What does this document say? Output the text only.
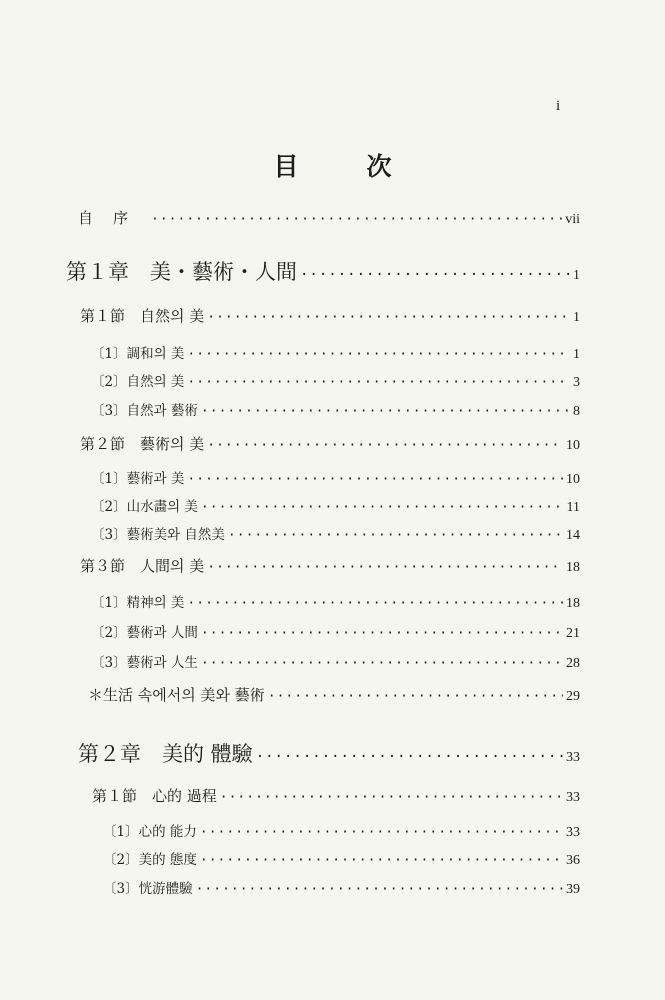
i
目次
自序 ·····	vii
第１章　美・藝術・人間 ·····	1
第１節　自然의 美 ·····	1
〔1〕調和의 美 ·····	1
〔2〕自然의 美 ·····	3
〔3〕自然과 藝術 ·····	8
第２節　藝術의 美 ·····	10
〔1〕藝術과 美 ·····	10
〔2〕山水畵의 美 ·····	11
〔3〕藝術美와 自然美 ·····	14
第３節　人間의 美 ·····	18
〔1〕精神의 美 ·····	18
〔2〕藝術과 人間 ·····	21
〔3〕藝術과 人生 ·····	28
＊生活 속에서의 美와 藝術 ·····	29
第２章　美的 體驗 ·····	33
第１節　心的 過程 ·····	33
〔1〕心的 能力 ·····	33
〔2〕美的 態度 ·····	36
〔3〕恍游體驗 ·····	39
